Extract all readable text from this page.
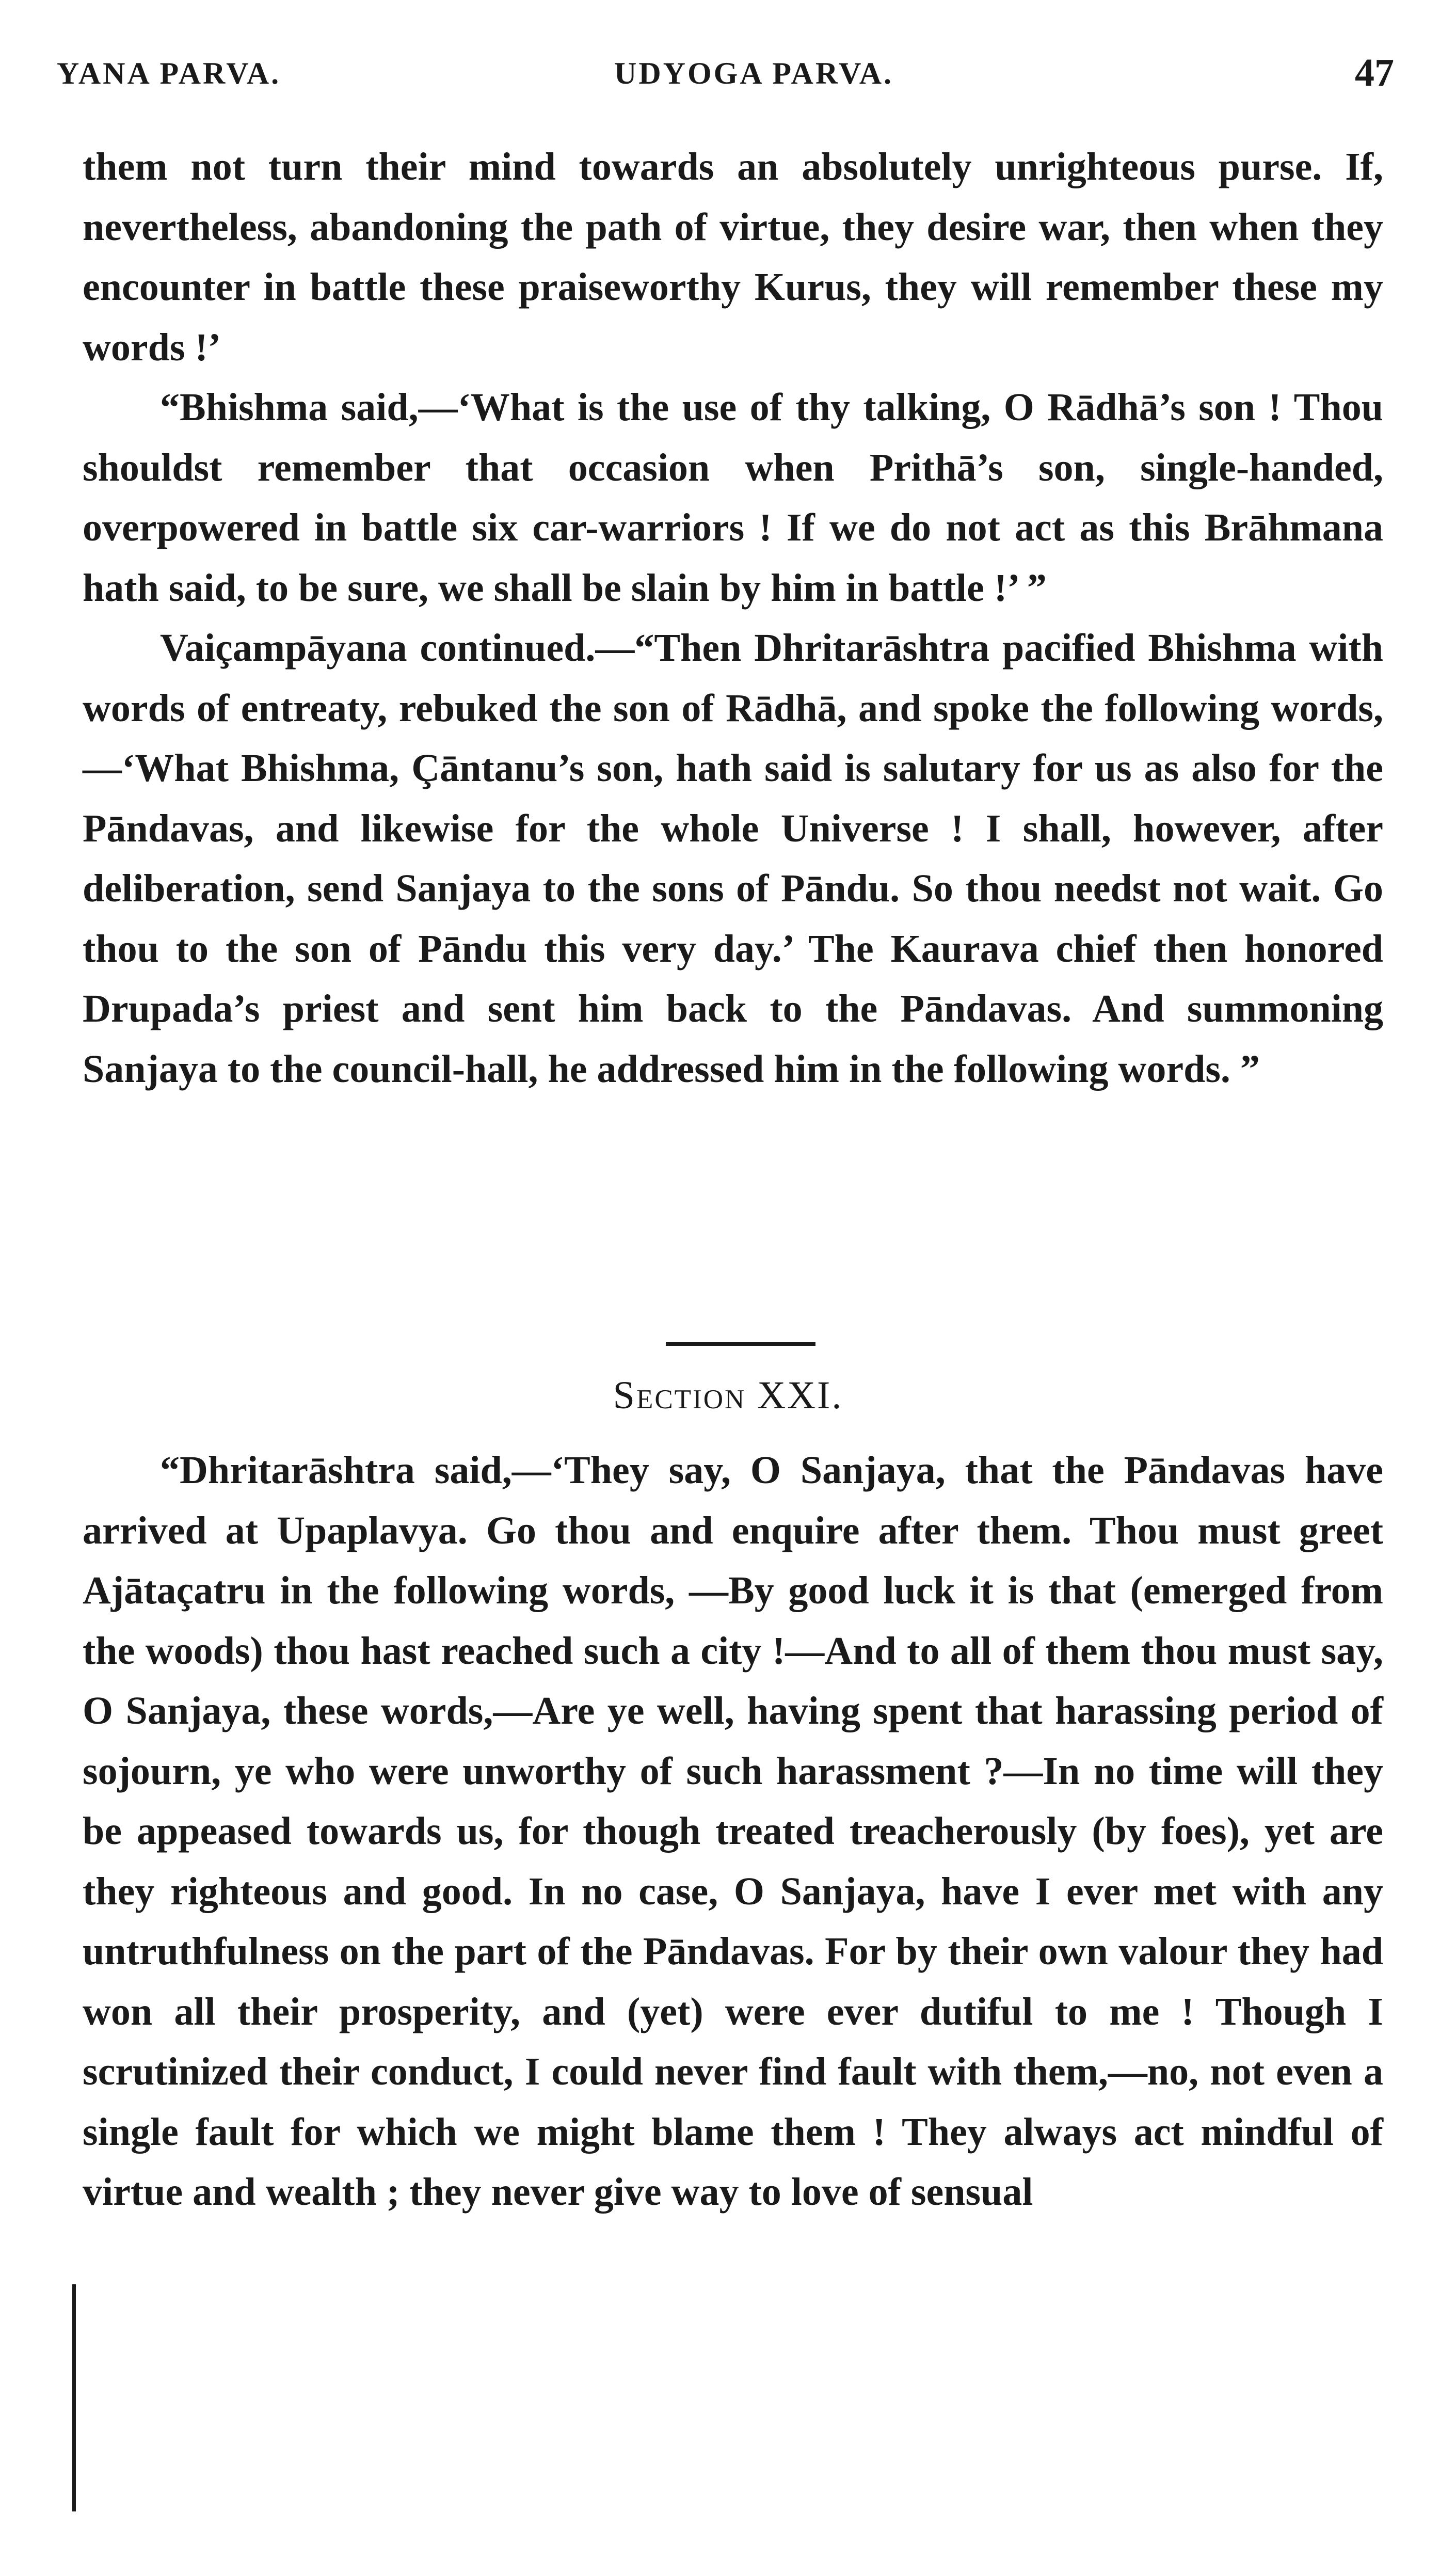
YANA PARVA.	UDYOGA PARVA.	47

them not turn their mind towards an absolutely unrighteous purse. If, nevertheless, abandoning the path of virtue, they desire war, then when they encounter in battle these praiseworthy Kurus, they will remember these my words !’

“Bhishma said,—‘What is the use of thy talking, O Rādhā’s son ! Thou shouldst remember that occasion when Prithā’s son, single-handed, overpowered in battle six car-warriors ! If we do not act as this Brāhmana hath said, to be sure, we shall be slain by him in battle !’ ”

Vaiçampāyana continued.—“Then Dhritarāshtra pacified Bhishma with words of entreaty, rebuked the son of Rādhā, and spoke the following words,—‘What Bhishma, Çāntanu’s son, hath said is salutary for us as also for the Pāndavas, and likewise for the whole Universe ! I shall, however, after deliberation, send Sanjaya to the sons of Pāndu. So thou needst not wait. Go thou to the son of Pāndu this very day.’ The Kaurava chief then honored Drupada’s priest and sent him back to the Pāndavas. And summoning Sanjaya to the council-hall, he addressed him in the following words. ”

Section XXI.

“Dhritarāshtra said,—‘They say, O Sanjaya, that the Pāndavas have arrived at Upaplavya. Go thou and enquire after them. Thou must greet Ajātaçatru in the following words, —By good luck it is that (emerged from the woods) thou hast reached such a city !—And to all of them thou must say, O Sanjaya, these words,—Are ye well, having spent that harassing period of sojourn, ye who were unworthy of such harassment ?—In no time will they be appeased towards us, for though treated treacherously (by foes), yet are they righteous and good. In no case, O Sanjaya, have I ever met with any untruthfulness on the part of the Pāndavas. For by their own valour they had won all their prosperity, and (yet) were ever dutiful to me ! Though I scrutinized their conduct, I could never find fault with them,—no, not even a single fault for which we might blame them ! They always act mindful of virtue and wealth ; they never give way to love of sensual
